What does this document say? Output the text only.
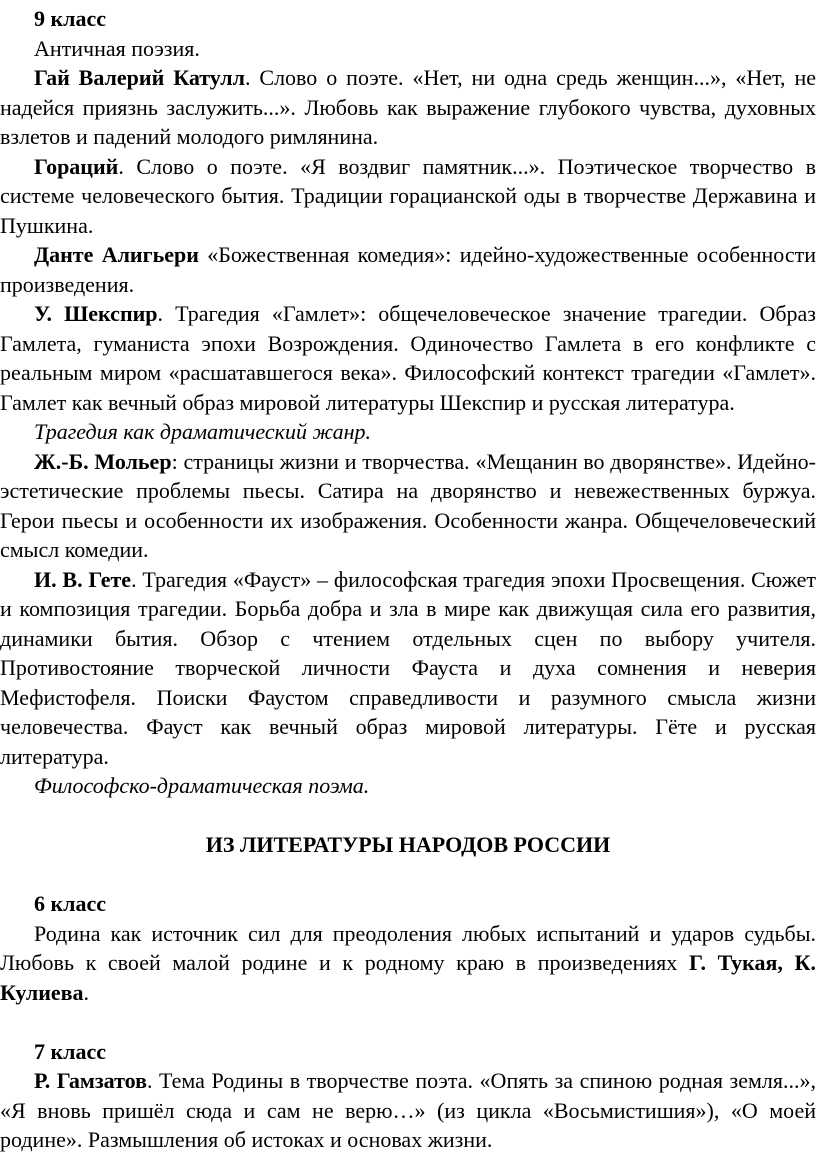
9 класс

Античная поэзия.

Гай Валерий Катулл. Слово о поэте. «Нет, ни одна средь женщин...», «Нет, не надейся приязнь заслужить...». Любовь как выражение глубокого чувства, духовных взлетов и падений молодого римлянина.

Гораций. Слово о поэте. «Я воздвиг памятник...». Поэтическое творчество в системе человеческого бытия. Традиции горацианской оды в творчестве Державина и Пушкина.

Данте Алигьери «Божественная комедия»: идейно-художественные особенности произведения.

У. Шекспир. Трагедия «Гамлет»: общечеловеческое значение трагедии. Образ Гамлета, гуманиста эпохи Возрождения. Одиночество Гамлета в его конфликте с реальным миром «расшатавшегося века». Философский контекст трагедии «Гамлет». Гамлет как вечный образ мировой литературы Шекспир и русская литература.

Трагедия как драматический жанр.

Ж.-Б. Мольер: страницы жизни и творчества. «Мещанин во дворянстве». Идейно-эстетические проблемы пьесы. Сатира на дворянство и невежественных буржуа. Герои пьесы и особенности их изображения. Особенности жанра. Общечеловеческий смысл комедии.

И. В. Гете. Трагедия «Фауст» – философская трагедия эпохи Просвещения. Сюжет и композиция трагедии. Борьба добра и зла в мире как движущая сила его развития, динамики бытия. Обзор с чтением отдельных сцен по выбору учителя. Противостояние творческой личности Фауста и духа сомнения и неверия Мефистофеля. Поиски Фаустом справедливости и разумного смысла жизни человечества. Фауст как вечный образ мировой литературы. Гёте и русская литература.

Философско-драматическая поэма.

ИЗ ЛИТЕРАТУРЫ НАРОДОВ РОССИИ

6 класс

Родина как источник сил для преодоления любых испытаний и ударов судьбы. Любовь к своей малой родине и к родному краю в произведениях Г. Тукая, К. Кулиева.

7 класс

Р. Гамзатов. Тема Родины в творчестве поэта. «Опять за спиною родная земля...», «Я вновь пришёл сюда и сам не верю…» (из цикла «Восьмистишия»), «О моей родине». Размышления об истоках и основах жизни.
